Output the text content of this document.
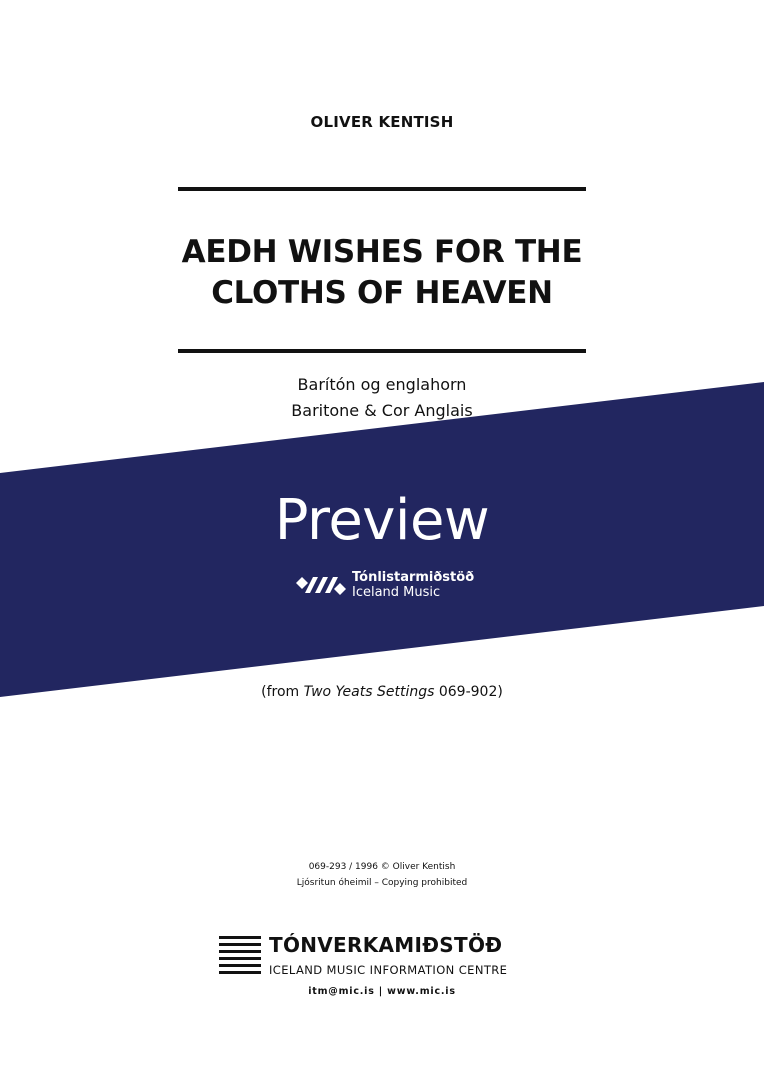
OLIVER KENTISH
AEDH WISHES FOR THE
CLOTHS OF HEAVEN
Barítón og englahorn
Baritone & Cor Anglais
Preview
Tónlistarmiðstöð
Iceland Music
(from Two Yeats Settings 069-902)
069-293 / 1996 © Oliver Kentish
Ljósritun óheimil – Copying prohibited
TÓNVERKAMIÐSTÖÐ
ICELAND MUSIC INFORMATION CENTRE
itm@mic.is | www.mic.is
